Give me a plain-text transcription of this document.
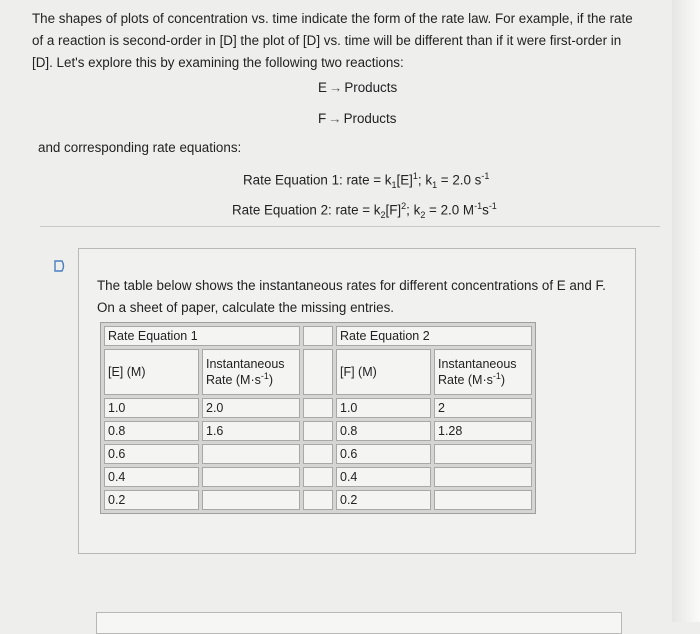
The shapes of plots of concentration vs. time indicate the form of the rate law. For example, if the rate of a reaction is second-order in [D] the plot of [D] vs. time will be different than if it were first-order in [D]. Let's explore this by examining the following two reactions:
E → Products
F → Products
and corresponding rate equations:
Rate Equation 1: rate = $k_1[E]^1$; $k_1 = 2.0$ $s^{-1}$
Rate Equation 2: rate = $k_2[F]^2$; $k_2 = 2.0$ $M^{-1}s^{-1}$
The table below shows the instantaneous rates for different concentrations of E and F. On a sheet of paper, calculate the missing entries.
Rate Equation 1			Rate Equation 2	
[E] (M)	Instantaneous Rate $(M\cdot s^{-1})$		[F] (M)	Instantaneous Rate $(M\cdot s^{-1})$
1.0	2.0		1.0	2
0.8	1.6		0.8	1.28
0.6			0.6	
0.4			0.4	
0.2			0.2	
